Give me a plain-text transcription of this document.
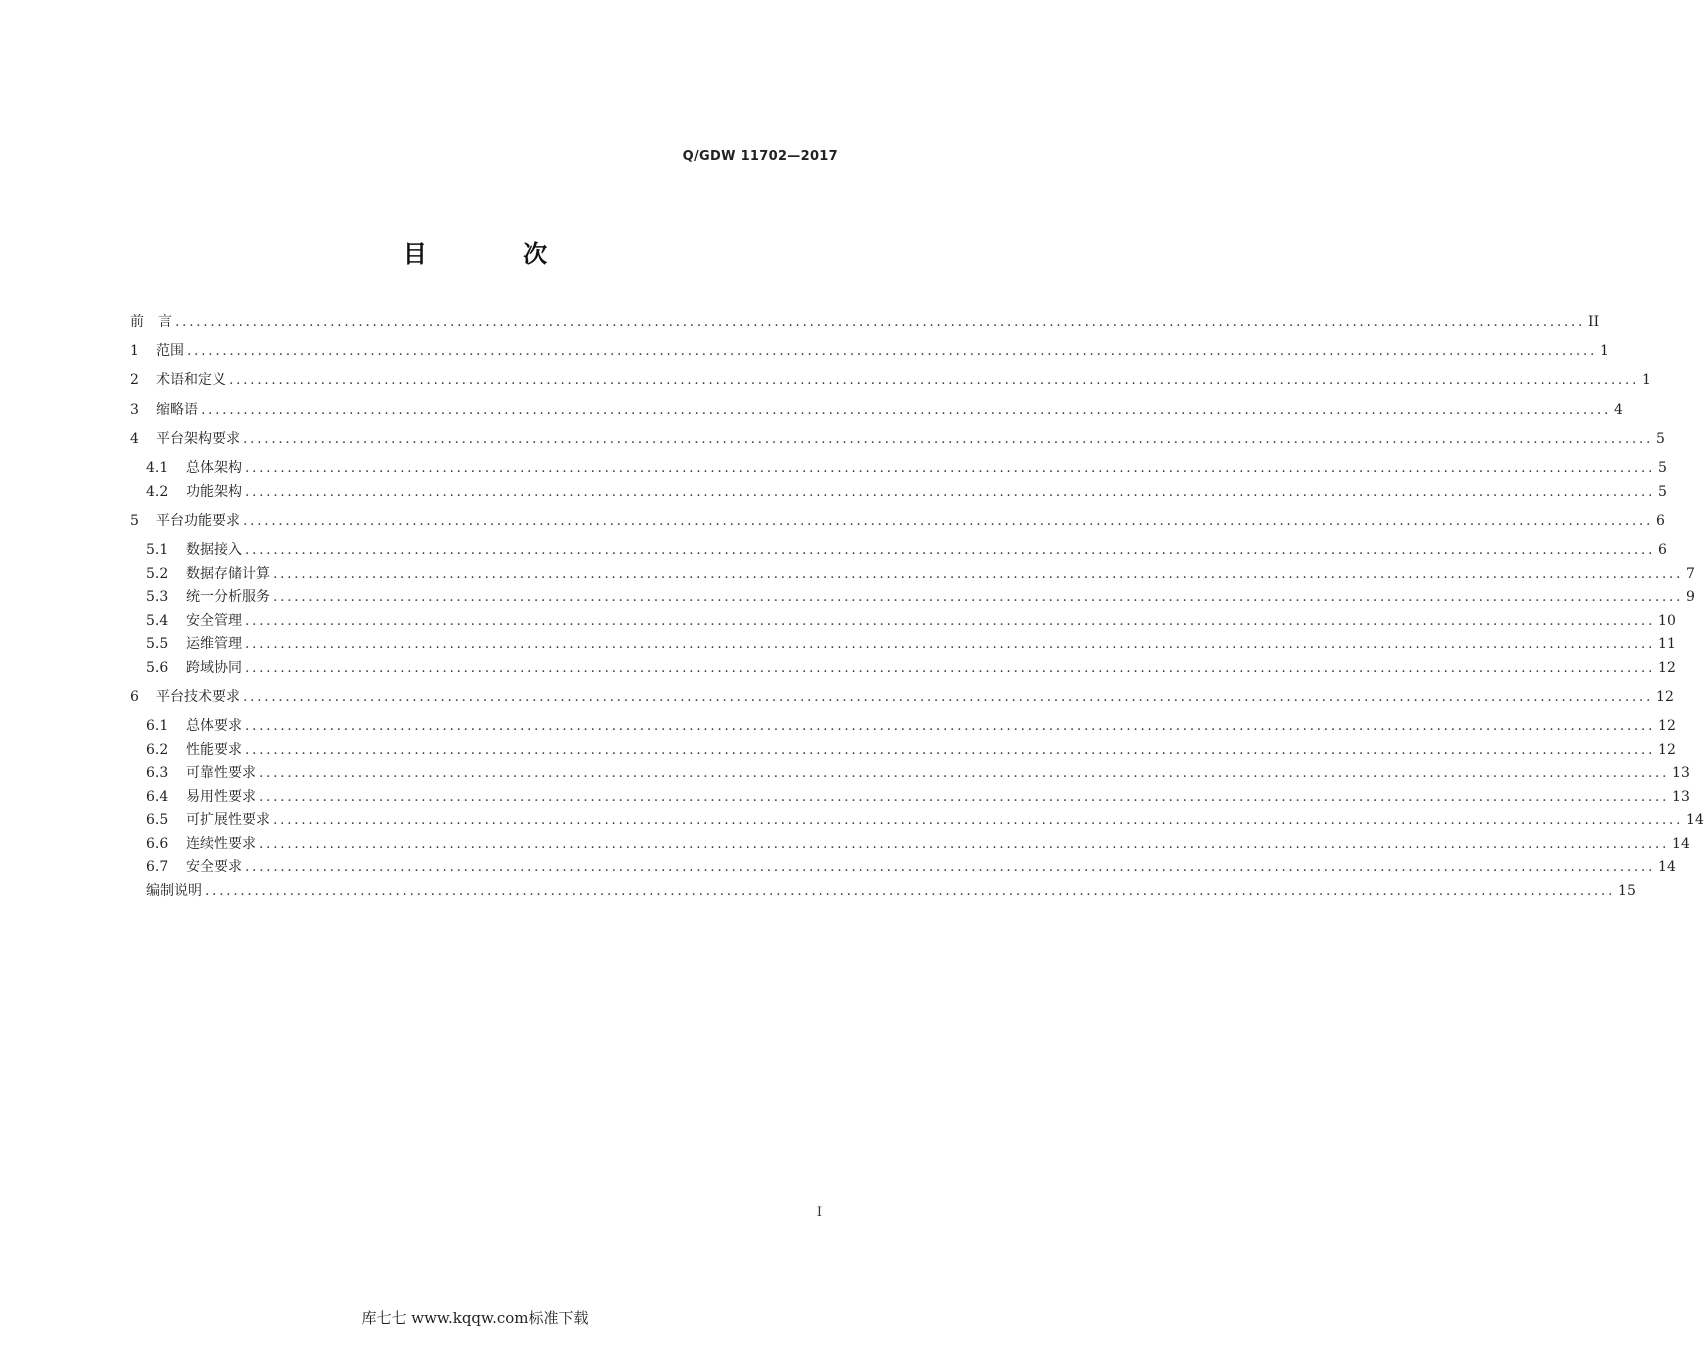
Q/GDW 11702—2017
目 次
前　言 ........................................................................................................................................................................................................ II
1	范围 ........................................................................................................................................................................................................ 1
2	术语和定义 ........................................................................................................................................................................................................ 1
3	缩略语 ........................................................................................................................................................................................................ 4
4	平台架构要求 ........................................................................................................................................................................................................ 5
4.1	总体架构 ........................................................................................................................................................................................................ 5
4.2	功能架构 ........................................................................................................................................................................................................ 5
5	平台功能要求 ........................................................................................................................................................................................................ 6
5.1	数据接入 ........................................................................................................................................................................................................ 6
5.2	数据存储计算 ........................................................................................................................................................................................................ 7
5.3	统一分析服务 ........................................................................................................................................................................................................ 9
5.4	安全管理 ........................................................................................................................................................................................................ 10
5.5	运维管理 ........................................................................................................................................................................................................ 11
5.6	跨域协同 ........................................................................................................................................................................................................ 12
6	平台技术要求 ........................................................................................................................................................................................................ 12
6.1	总体要求 ........................................................................................................................................................................................................ 12
6.2	性能要求 ........................................................................................................................................................................................................ 12
6.3	可靠性要求 ........................................................................................................................................................................................................ 13
6.4	易用性要求 ........................................................................................................................................................................................................ 13
6.5	可扩展性要求 ........................................................................................................................................................................................................ 14
6.6	连续性要求 ........................................................................................................................................................................................................ 14
6.7	安全要求 ........................................................................................................................................................................................................ 14
编制说明 ........................................................................................................................................................................................................ 15
I
库七七 www.kqqw.com标准下载
